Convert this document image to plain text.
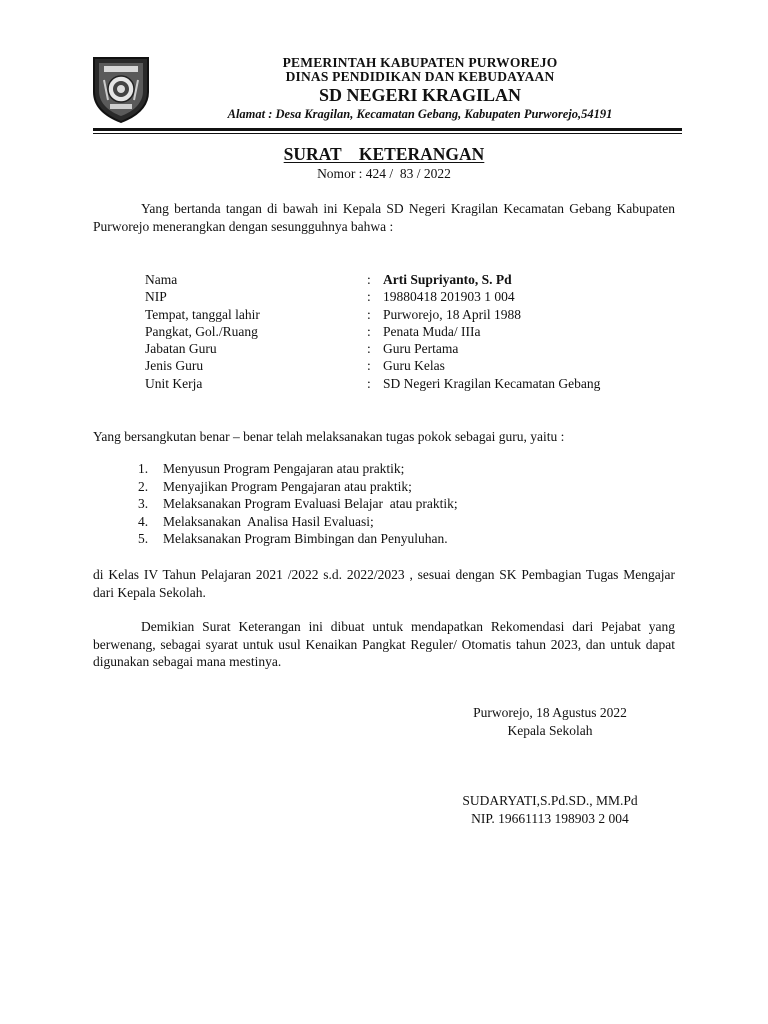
PEMERINTAH KABUPATEN PURWOREJO
DINAS PENDIDIKAN DAN KEBUDAYAAN
SD NEGERI KRAGILAN
Alamat : Desa Kragilan, Kecamatan Gebang, Kabupaten Purworejo,54191
SURAT    KETERANGAN
Nomor : 424 /  83 / 2022
Yang bertanda tangan di bawah ini Kepala SD Negeri Kragilan Kecamatan Gebang Kabupaten Purworejo menerangkan dengan sesungguhnya bahwa :
Nama	: Arti Supriyanto, S. Pd
NIP	: 19880418 201903 1 004
Tempat, tanggal lahir	: Purworejo, 18 April 1988
Pangkat, Gol./Ruang	: Penata Muda/ IIIa
Jabatan Guru	: Guru Pertama
Jenis Guru	: Guru Kelas
Unit Kerja	: SD Negeri Kragilan Kecamatan Gebang
Yang bersangkutan benar – benar telah melaksanakan tugas pokok sebagai guru, yaitu :
1. Menyusun Program Pengajaran atau praktik;
2. Menyajikan Program Pengajaran atau praktik;
3. Melaksanakan Program Evaluasi Belajar  atau praktik;
4. Melaksanakan  Analisa Hasil Evaluasi;
5. Melaksanakan Program Bimbingan dan Penyuluhan.
di Kelas IV Tahun Pelajaran 2021 /2022 s.d. 2022/2023 , sesuai dengan SK Pembagian Tugas Mengajar dari Kepala Sekolah.
Demikian Surat Keterangan ini dibuat untuk mendapatkan Rekomendasi dari Pejabat yang berwenang, sebagai syarat untuk usul Kenaikan Pangkat Reguler/ Otomatis tahun 2023, dan untuk dapat digunakan sebagai mana mestinya.
Purworejo, 18 Agustus 2022
Kepala Sekolah
SUDARYATI,S.Pd.SD., MM.Pd
NIP. 19661113 198903 2 004
